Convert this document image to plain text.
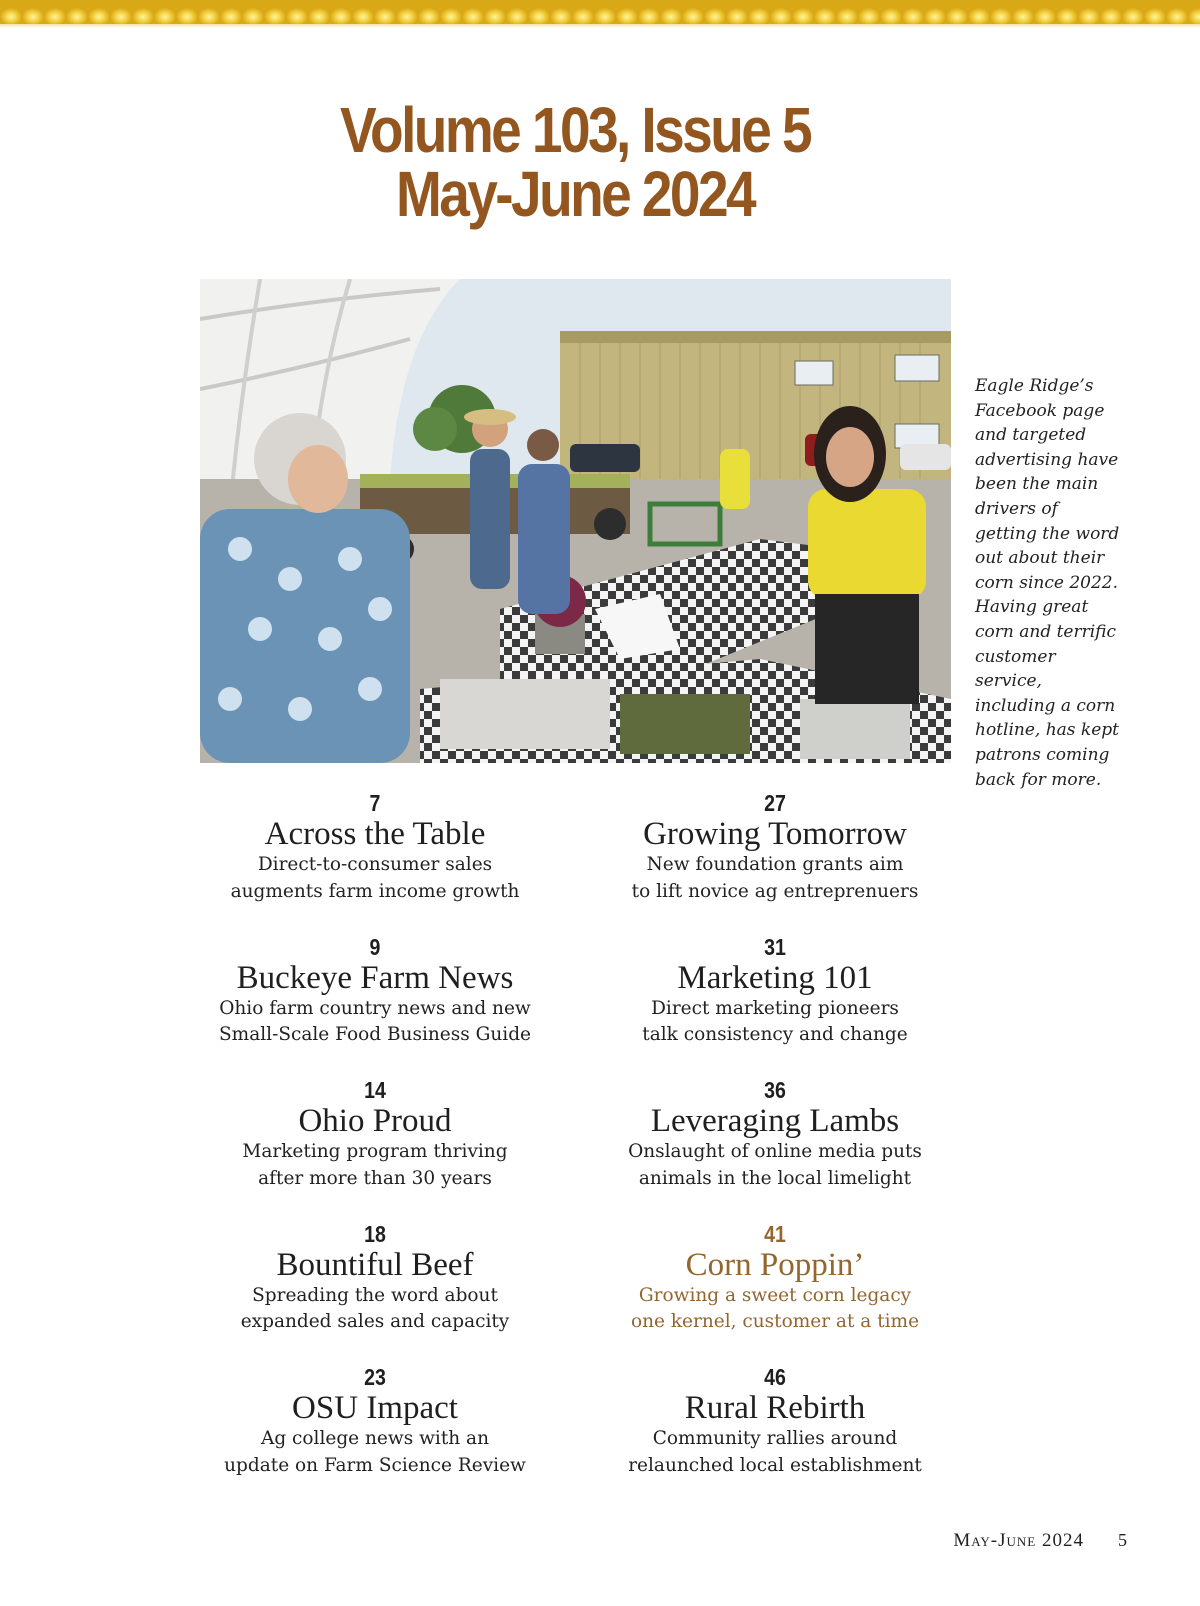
Volume 103, Issue 5
May-June 2024
Eagle Ridge’s Facebook page and targeted advertising have been the main drivers of getting the word out about their corn since 2022. Having great corn and terrific customer service, including a corn hotline, has kept patrons coming back for more.
7
Across the Table
Direct-to-consumer sales
augments farm income growth
9
Buckeye Farm News
Ohio farm country news and new
Small-Scale Food Business Guide
14
Ohio Proud
Marketing program thriving
after more than 30 years
18
Bountiful Beef
Spreading the word about
expanded sales and capacity
23
OSU Impact
Ag college news with an
update on Farm Science Review
27
Growing Tomorrow
New foundation grants aim
to lift novice ag entreprenuers
31
Marketing 101
Direct marketing pioneers
talk consistency and change
36
Leveraging Lambs
Onslaught of online media puts
animals in the local limelight
41
Corn Poppin’
Growing a sweet corn legacy
one kernel, customer at a time
46
Rural Rebirth
Community rallies around
relaunched local establishment
May-June 2024 5
